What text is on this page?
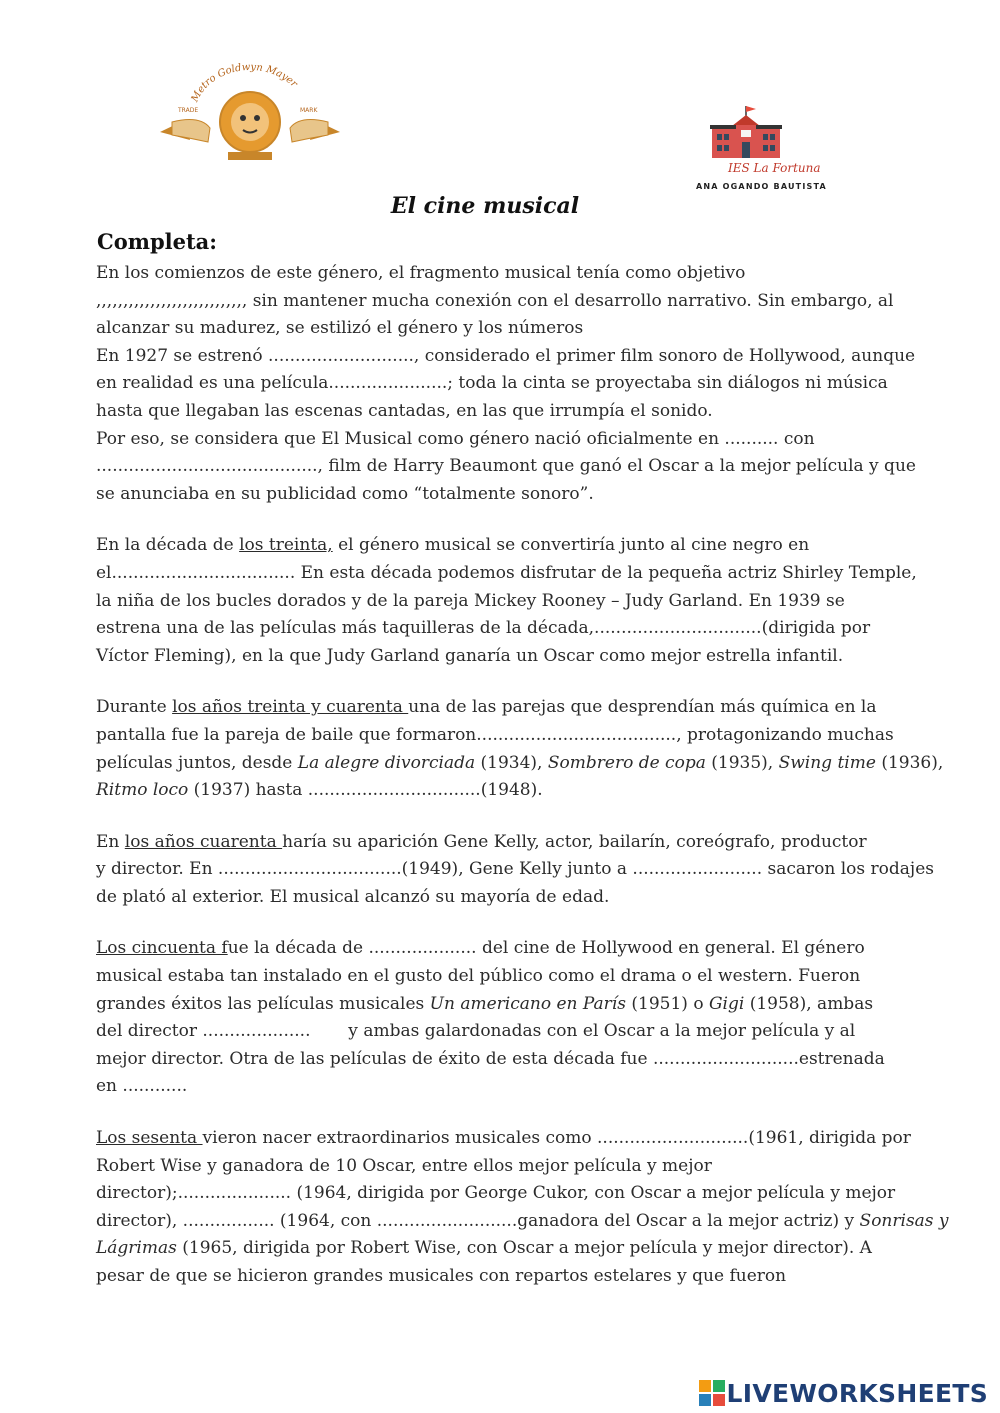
Metro Goldwyn Mayer
TRADE	MARK
IES La Fortuna
ANA OGANDO BAUTISTA
El cine musical
Completa:

En los comienzos de este género, el fragmento musical tenía como objetivo
,,,,,,,,,,,,,,,,,,,,,,,,,,,, sin mantener mucha conexión con el desarrollo narrativo. Sin embargo, al
alcanzar su madurez, se estilizó el género y los números
En 1927 se estrenó ..........................., considerado el primer film sonoro de Hollywood, aunque
en realidad es una película......................; toda la cinta se proyectaba sin diálogos ni música
hasta que llegaban las escenas cantadas, en las que irrumpía el sonido.
Por eso, se considera que El Musical como género nació oficialmente en .......... con
........................................., film de Harry Beaumont que ganó el Oscar a la mejor película y que
se anunciaba en su publicidad como “totalmente sonoro”.

En la década de los treinta, el género musical se convertiría junto al cine negro en
el.................................. En esta década podemos disfrutar de la pequeña actriz Shirley Temple,
la niña de los bucles dorados y de la pareja Mickey Rooney – Judy Garland. En 1939 se
estrena una de las películas más taquilleras de la década,...............................(dirigida por
Víctor Fleming), en la que Judy Garland ganaría un Oscar como mejor estrella infantil.

Durante los años treinta y cuarenta una de las parejas que desprendían más química en la
pantalla fue la pareja de baile que formaron....................................., protagonizando muchas
películas juntos, desde La alegre divorciada (1934), Sombrero de copa (1935), Swing time (1936),
Ritmo loco (1937) hasta ................................(1948).

En los años cuarenta haría su aparición Gene Kelly, actor, bailarín, coreógrafo, productor
y director. En ..................................(1949), Gene Kelly junto a ........................ sacaron los rodajes
de plató al exterior. El musical alcanzó su mayoría de edad.

Los cincuenta fue la década de .................... del cine de Hollywood en general. El género
musical estaba tan instalado en el gusto del público como el drama o el western. Fueron
grandes éxitos las películas musicales Un americano en París (1951) o Gigi (1958), ambas
del director ....................       y ambas galardonadas con el Oscar a la mejor película y al
mejor director. Otra de las películas de éxito de esta década fue ...........................estrenada
en ............

Los sesenta vieron nacer extraordinarios musicales como ............................(1961, dirigida por
Robert Wise y ganadora de 10 Oscar, entre ellos mejor película y mejor
director);..................... (1964, dirigida por George Cukor, con Oscar a mejor película y mejor
director), ................. (1964, con ..........................ganadora del Oscar a la mejor actriz) y Sonrisas y
Lágrimas (1965, dirigida por Robert Wise, con Oscar a mejor película y mejor director). A
pesar de que se hicieron grandes musicales con repartos estelares y que fueron

LIVEWORKSHEETS
